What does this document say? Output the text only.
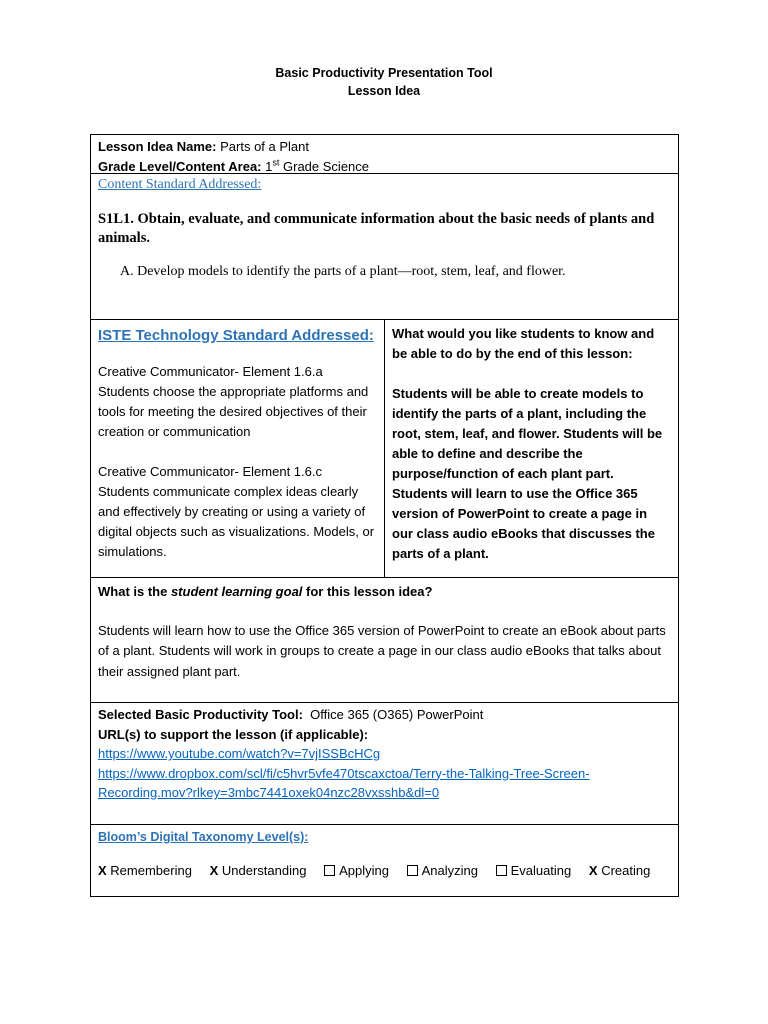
Basic Productivity Presentation Tool
Lesson Idea
Lesson Idea Name: Parts of a Plant
Grade Level/Content Area: 1st Grade Science
Content Standard Addressed:
S1L1. Obtain, evaluate, and communicate information about the basic needs of plants and animals.
A. Develop models to identify the parts of a plant—root, stem, leaf, and flower.
ISTE Technology Standard Addressed:
Creative Communicator- Element 1.6.a
Students choose the appropriate platforms and tools for meeting the desired objectives of their creation or communication
Creative Communicator- Element 1.6.c
Students communicate complex ideas clearly and effectively by creating or using a variety of digital objects such as visualizations. Models, or simulations.
What would you like students to know and be able to do by the end of this lesson:
Students will be able to create models to identify the parts of a plant, including the root, stem, leaf, and flower. Students will be able to define and describe the purpose/function of each plant part. Students will learn to use the Office 365 version of PowerPoint to create a page in our class audio eBooks that discusses the parts of a plant.
What is the student learning goal for this lesson idea?
Students will learn how to use the Office 365 version of PowerPoint to create an eBook about parts of a plant. Students will work in groups to create a page in our class audio eBooks that talks about their assigned plant part.
Selected Basic Productivity Tool: Office 365 (O365) PowerPoint
URL(s) to support the lesson (if applicable):
https://www.youtube.com/watch?v=7vjISSBcHCg
https://www.dropbox.com/scl/fi/c5hvr5vfe470tscaxctoa/Terry-the-Talking-Tree-Screen-
Recording.mov?rlkey=3mbc7441oxek04nzc28vxsshb&dl=0
Bloom’s Digital Taxonomy Level(s):
X Remembering X Understanding	Applying	Analyzing	Evaluating X Creating
